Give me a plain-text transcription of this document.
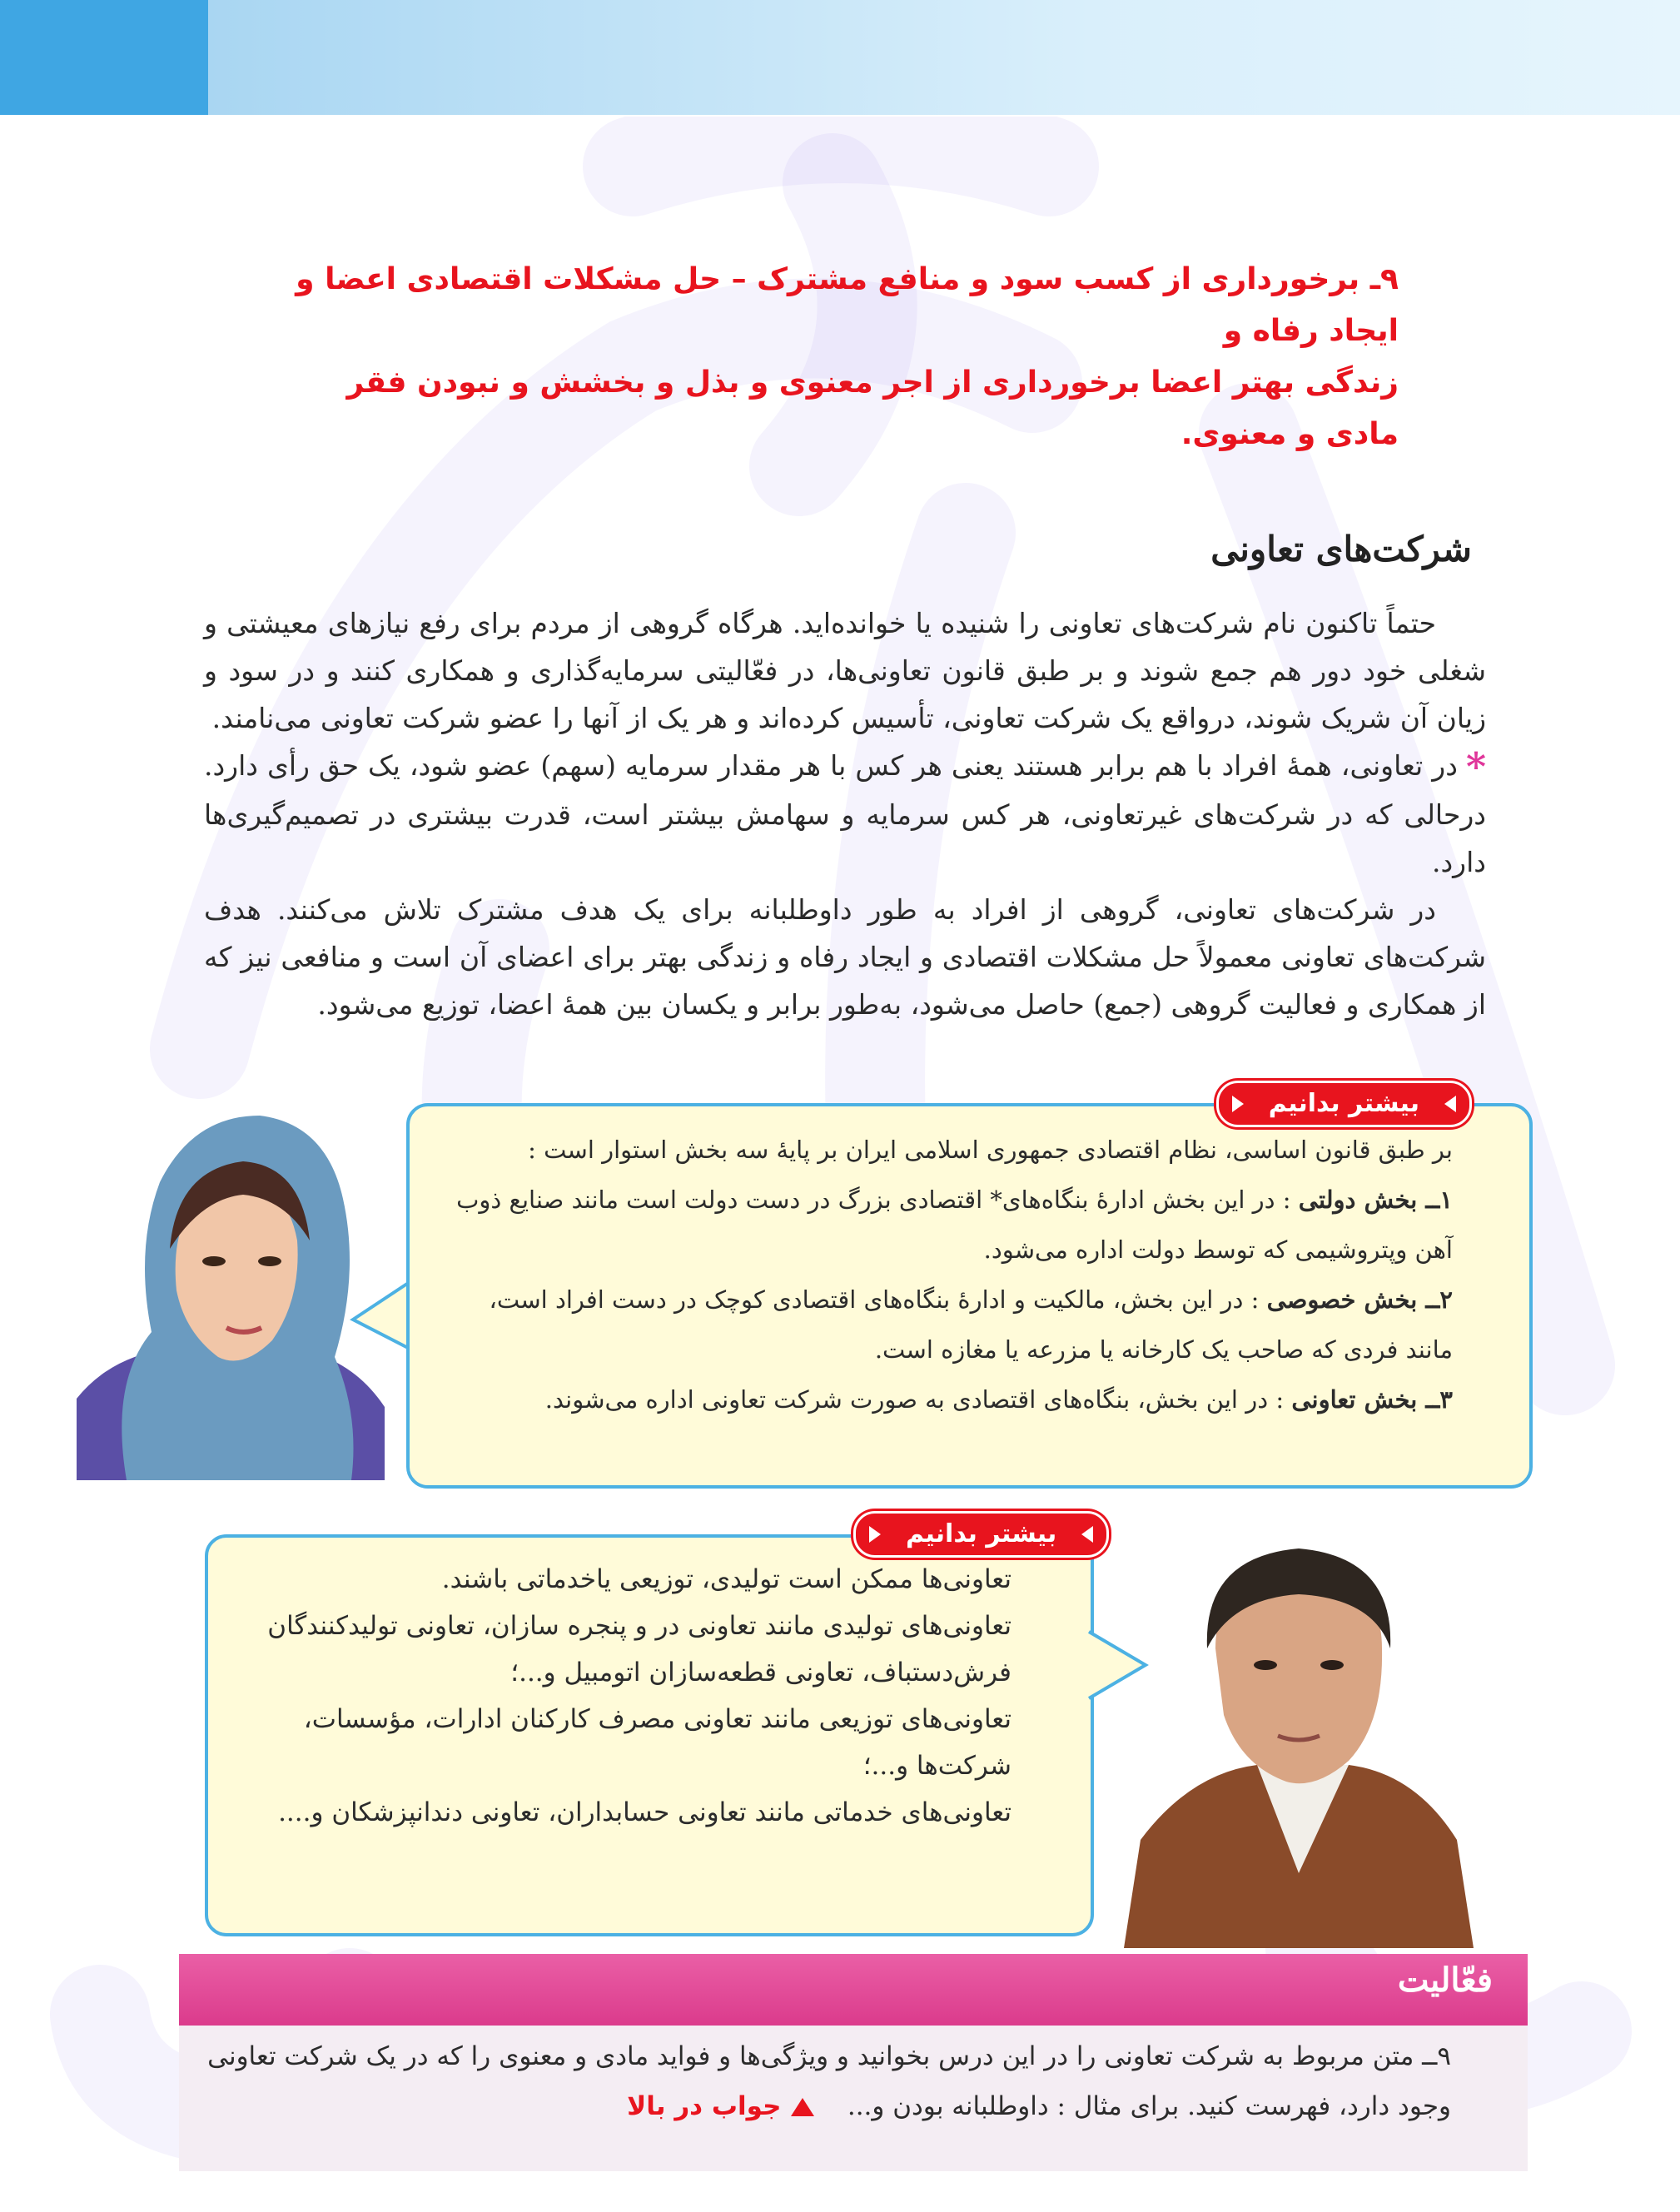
۹ـ برخورداری از کسب سود و منافع مشترک – حل مشکلات اقتصادی اعضا و ایجاد رفاه و
زندگی بهتر اعضا برخورداری از اجر معنوی و بذل و بخشش و نبودن فقر مادی و معنوی.
شرکت‌های تعاونی

حتماً تاکنون نام شرکت‌های تعاونی را شنیده یا خوانده‌اید. هرگاه گروهی از مردم برای رفع نیازهای معیشتی و شغلی خود دور هم جمع شوند و بر طبق قانون تعاونی‌ها، در فعّالیتی سرمایه‌گذاری و همکاری کنند و در سود و زیان آن شریک شوند، درواقع یک شرکت تعاونی، تأسیس کرده‌اند و هر یک از آنها را عضو شرکت تعاونی می‌نامند.

*در تعاونی، همهٔ افراد با هم برابر هستند یعنی هر کس با هر مقدار سرمایه (سهم) عضو شود، یک حق رأی دارد. درحالی که در شرکت‌های غیرتعاونی، هر کس سرمایه و سهامش بیشتر است، قدرت بیشتری در تصمیم‌گیری‌ها دارد.

در شرکت‌های تعاونی، گروهی از افراد به طور داوطلبانه برای یک هدف مشترک تلاش می‌کنند. هدف شرکت‌های تعاونی معمولاً حل مشکلات اقتصادی و ایجاد رفاه و زندگی بهتر برای اعضای آن است و منافعی نیز که از همکاری و فعالیت گروهی (جمع) حاصل می‌شود، به‌طور برابر و یکسان بین همهٔ اعضا، توزیع می‌شود.

بر طبق قانون اساسی، نظام اقتصادی جمهوری اسلامی ایران بر پایهٔ سه بخش استوار است :

۱ــ بخش دولتی : در این بخش ادارهٔ بنگاه‌های* اقتصادی بزرگ در دست دولت است مانند صنایع ذوب آهن وپتروشیمی که توسط دولت اداره می‌شود.

۲ــ بخش خصوصی : در این بخش، مالکیت و ادارهٔ بنگاه‌های اقتصادی کوچک در دست افراد است، مانند فردی که صاحب یک کارخانه یا مزرعه یا مغازه است.

۳ــ بخش تعاونی : در این بخش، بنگاه‌های اقتصادی به صورت شرکت تعاونی اداره می‌شوند.

بیشتر بدانیم

تعاونی‌ها ممکن است تولیدی، توزیعی یاخدماتی باشند.

تعاونی‌های تولیدی مانند تعاونی در و پنجره سازان، تعاونی تولیدکنندگان فرش‌دستباف، تعاونی قطعه‌سازان اتومبیل و...؛

تعاونی‌های توزیعی مانند تعاونی مصرف کارکنان ادارات، مؤسسات، شرکت‌ها و...؛

تعاونی‌های خدماتی مانند تعاونی حسابداران، تعاونی دندانپزشکان و....

بیشتر بدانیم
فعّالیت

۹ــ متن مربوط به شرکت تعاونی را در این درس بخوانید و ویژگی‌ها و فواید مادی و معنوی را که در یک شرکت تعاونی وجود دارد، فهرست کنید. برای مثال : داوطلبانه بودن و...    جواب در بالا
